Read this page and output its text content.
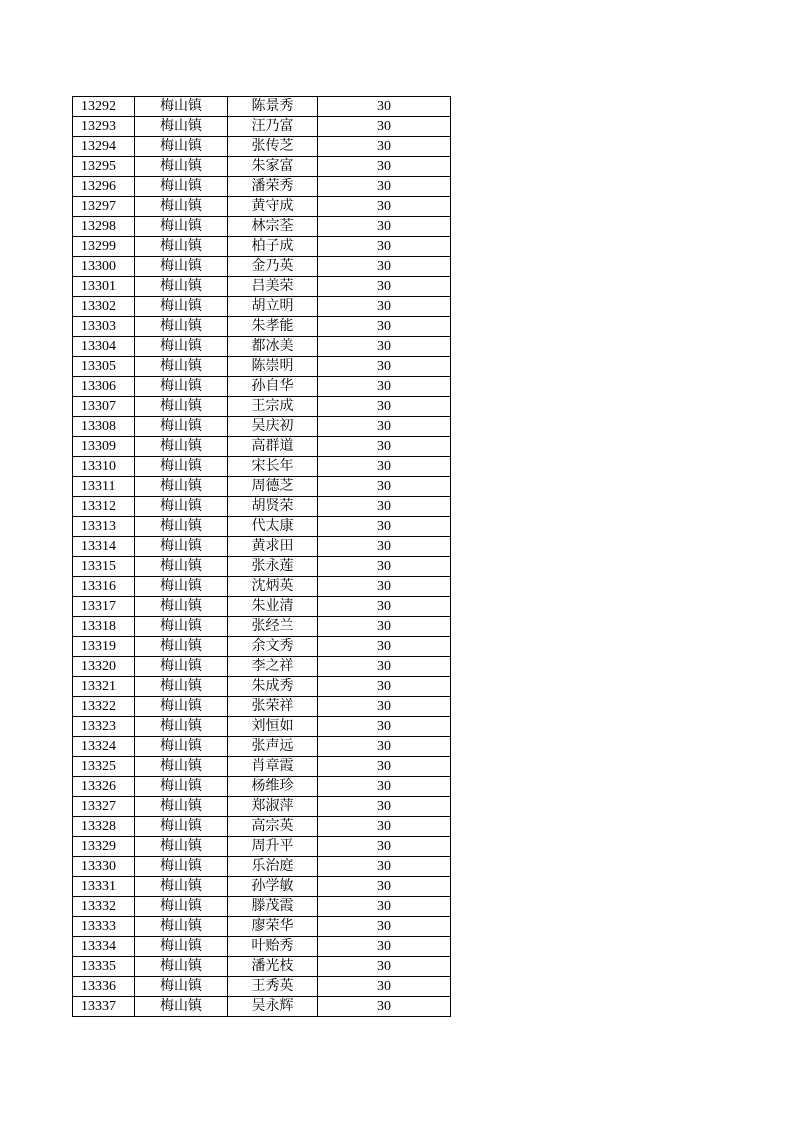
13292	梅山镇	陈景秀	30
13293	梅山镇	汪乃富	30
13294	梅山镇	张传芝	30
13295	梅山镇	朱家富	30
13296	梅山镇	潘荣秀	30
13297	梅山镇	黄守成	30
13298	梅山镇	林宗荃	30
13299	梅山镇	柏子成	30
13300	梅山镇	金乃英	30
13301	梅山镇	吕美荣	30
13302	梅山镇	胡立明	30
13303	梅山镇	朱孝能	30
13304	梅山镇	都冰美	30
13305	梅山镇	陈崇明	30
13306	梅山镇	孙自华	30
13307	梅山镇	王宗成	30
13308	梅山镇	吴庆初	30
13309	梅山镇	高群道	30
13310	梅山镇	宋长年	30
13311	梅山镇	周德芝	30
13312	梅山镇	胡贤荣	30
13313	梅山镇	代太康	30
13314	梅山镇	黄求田	30
13315	梅山镇	张永莲	30
13316	梅山镇	沈炳英	30
13317	梅山镇	朱业清	30
13318	梅山镇	张经兰	30
13319	梅山镇	余文秀	30
13320	梅山镇	李之祥	30
13321	梅山镇	朱成秀	30
13322	梅山镇	张荣祥	30
13323	梅山镇	刘恒如	30
13324	梅山镇	张声远	30
13325	梅山镇	肖章霞	30
13326	梅山镇	杨维珍	30
13327	梅山镇	郑淑萍	30
13328	梅山镇	高宗英	30
13329	梅山镇	周升平	30
13330	梅山镇	乐治庭	30
13331	梅山镇	孙学敏	30
13332	梅山镇	滕茂霞	30
13333	梅山镇	廖荣华	30
13334	梅山镇	叶贻秀	30
13335	梅山镇	潘光枝	30
13336	梅山镇	王秀英	30
13337	梅山镇	吴永辉	30
